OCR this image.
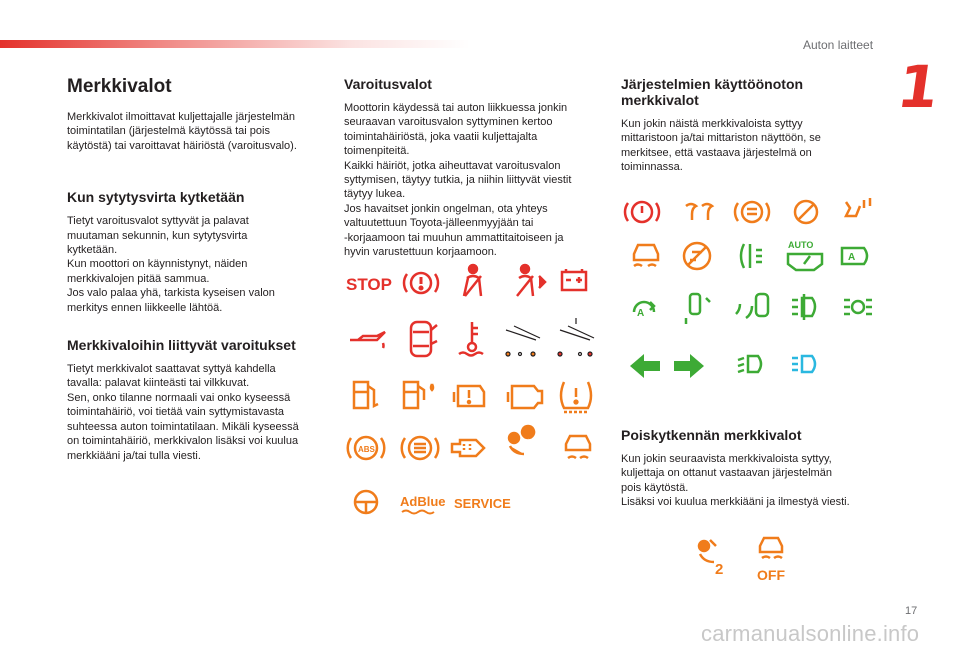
Auton laitteet
1
17
carmanualsonline.info
Merkkivalot

Merkkivalot ilmoittavat kuljettajalle järjestelmän
toimintatilan (järjestelmä käytössä tai pois
käytöstä) tai varoittavat häiriöstä (varoitusvalo).

Kun sytytysvirta kytketään

Tietyt varoitusvalot syttyvät ja palavat
muutaman sekunnin, kun sytytysvirta
kytketään.
Kun moottori on käynnistynyt, näiden
merkkivalojen pitää sammua.
Jos valo palaa yhä, tarkista kyseisen valon
merkitys ennen liikkeelle lähtöä.

Merkkivaloihin liittyvät varoitukset

Tietyt merkkivalot saattavat syttyä kahdella
tavalla: palavat kiinteästi tai vilkkuvat.
Sen, onko tilanne normaali vai onko kyseessä
toimintahäiriö, voi tietää vain syttymistavasta
suhteessa auton toimintatilaan. Mikäli kyseessä
on toimintahäiriö, merkkivalon lisäksi voi kuulua
merkkiääni ja/tai tulla viesti.

Varoitusvalot

Moottorin käydessä tai auton liikkuessa jonkin
seuraavan varoitusvalon syttyminen kertoo
toimintahäiriöstä, joka vaatii kuljettajalta
toimenpiteitä.
Kaikki häiriöt, jotka aiheuttavat varoitusvalon
syttymisen, täytyy tutkia, ja niihin liittyvät viestit
täytyy lukea.
Jos havaitset jonkin ongelman, ota yhteys
valtuutettuun Toyota-jälleenmyyjään tai
-korjaamoon tai muuhun ammattitaitoiseen ja
hyvin varustettuun korjaamoon.

Järjestelmien käyttöönoton merkkivalot

Kun jokin näistä merkkivaloista syttyy
mittaristoon ja/tai mittariston näyttöön, se
merkitsee, että vastaava järjestelmä on
toiminnassa.

Poiskytkennän merkkivalot

Kun jokin seuraavista merkkivaloista syttyy,
kuljettaja on ottanut vastaavan järjestelmän
pois käytöstä.
Lisäksi voi kuulua merkkiääni ja ilmestyä viesti.

STOP
ABS
AdBlue SERVICE
AUTO
A
A
2 OFF
